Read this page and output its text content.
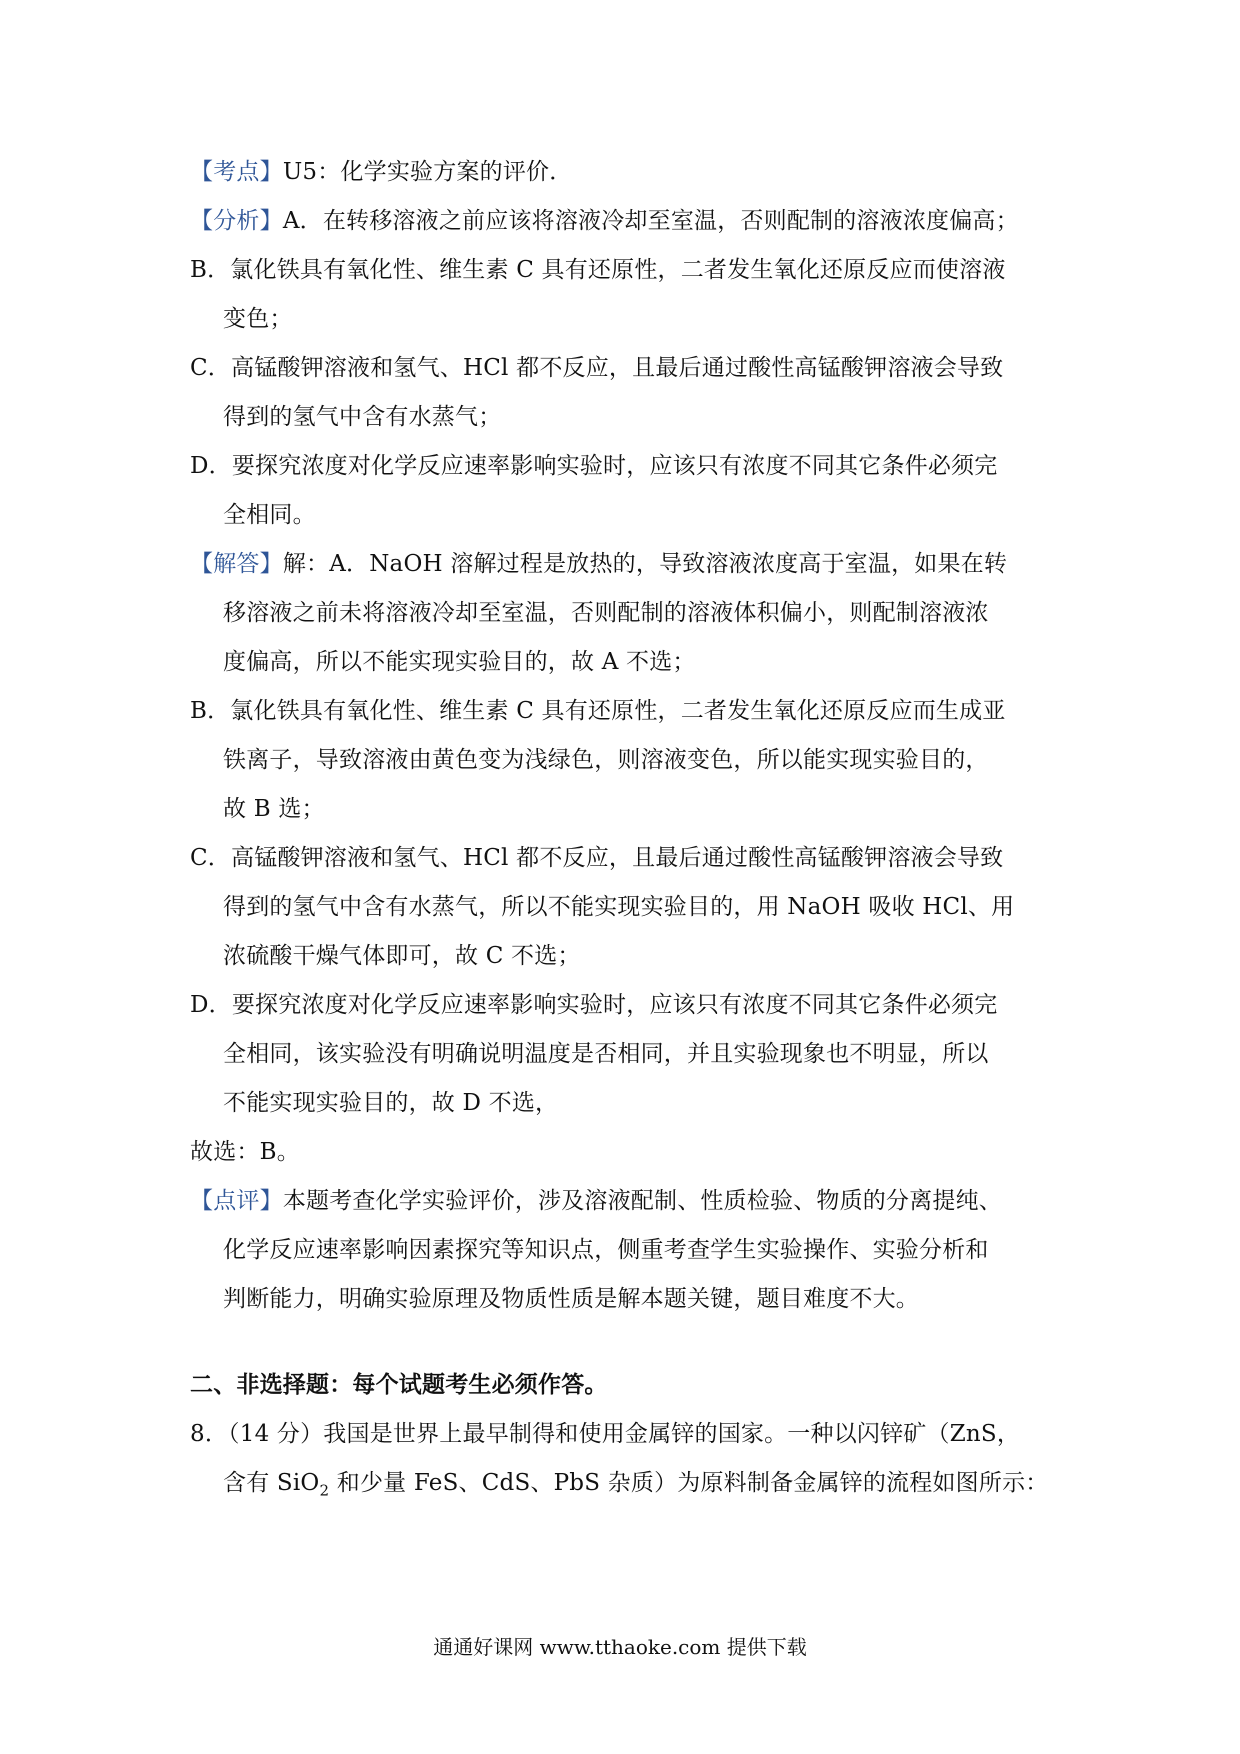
【考点】U5：化学实验方案的评价．
【分析】A．在转移溶液之前应该将溶液冷却至室温，否则配制的溶液浓度偏高；
B．氯化铁具有氧化性、维生素 C 具有还原性，二者发生氧化还原反应而使溶液
变色；
C．高锰酸钾溶液和氢气、HCl 都不反应，且最后通过酸性高锰酸钾溶液会导致
得到的氢气中含有水蒸气；
D．要探究浓度对化学反应速率影响实验时，应该只有浓度不同其它条件必须完
全相同。
【解答】解：A．NaOH 溶解过程是放热的，导致溶液浓度高于室温，如果在转
移溶液之前未将溶液冷却至室温，否则配制的溶液体积偏小，则配制溶液浓
度偏高，所以不能实现实验目的，故 A 不选；
B．氯化铁具有氧化性、维生素 C 具有还原性，二者发生氧化还原反应而生成亚
铁离子，导致溶液由黄色变为浅绿色，则溶液变色，所以能实现实验目的，
故 B 选；
C．高锰酸钾溶液和氢气、HCl 都不反应，且最后通过酸性高锰酸钾溶液会导致
得到的氢气中含有水蒸气，所以不能实现实验目的，用 NaOH 吸收 HCl、用
浓硫酸干燥气体即可，故 C 不选；
D．要探究浓度对化学反应速率影响实验时，应该只有浓度不同其它条件必须完
全相同，该实验没有明确说明温度是否相同，并且实验现象也不明显，所以
不能实现实验目的，故 D 不选，
故选：B。
【点评】本题考查化学实验评价，涉及溶液配制、性质检验、物质的分离提纯、
化学反应速率影响因素探究等知识点，侧重考查学生实验操作、实验分析和
判断能力，明确实验原理及物质性质是解本题关键，题目难度不大。
二、非选择题：每个试题考生必须作答。
8．（14 分）我国是世界上最早制得和使用金属锌的国家。一种以闪锌矿（ZnS，
含有 SiO$_2$ 和少量 FeS、CdS、PbS 杂质）为原料制备金属锌的流程如图所示：
通通好课网 www.tthaoke.com 提供下载
